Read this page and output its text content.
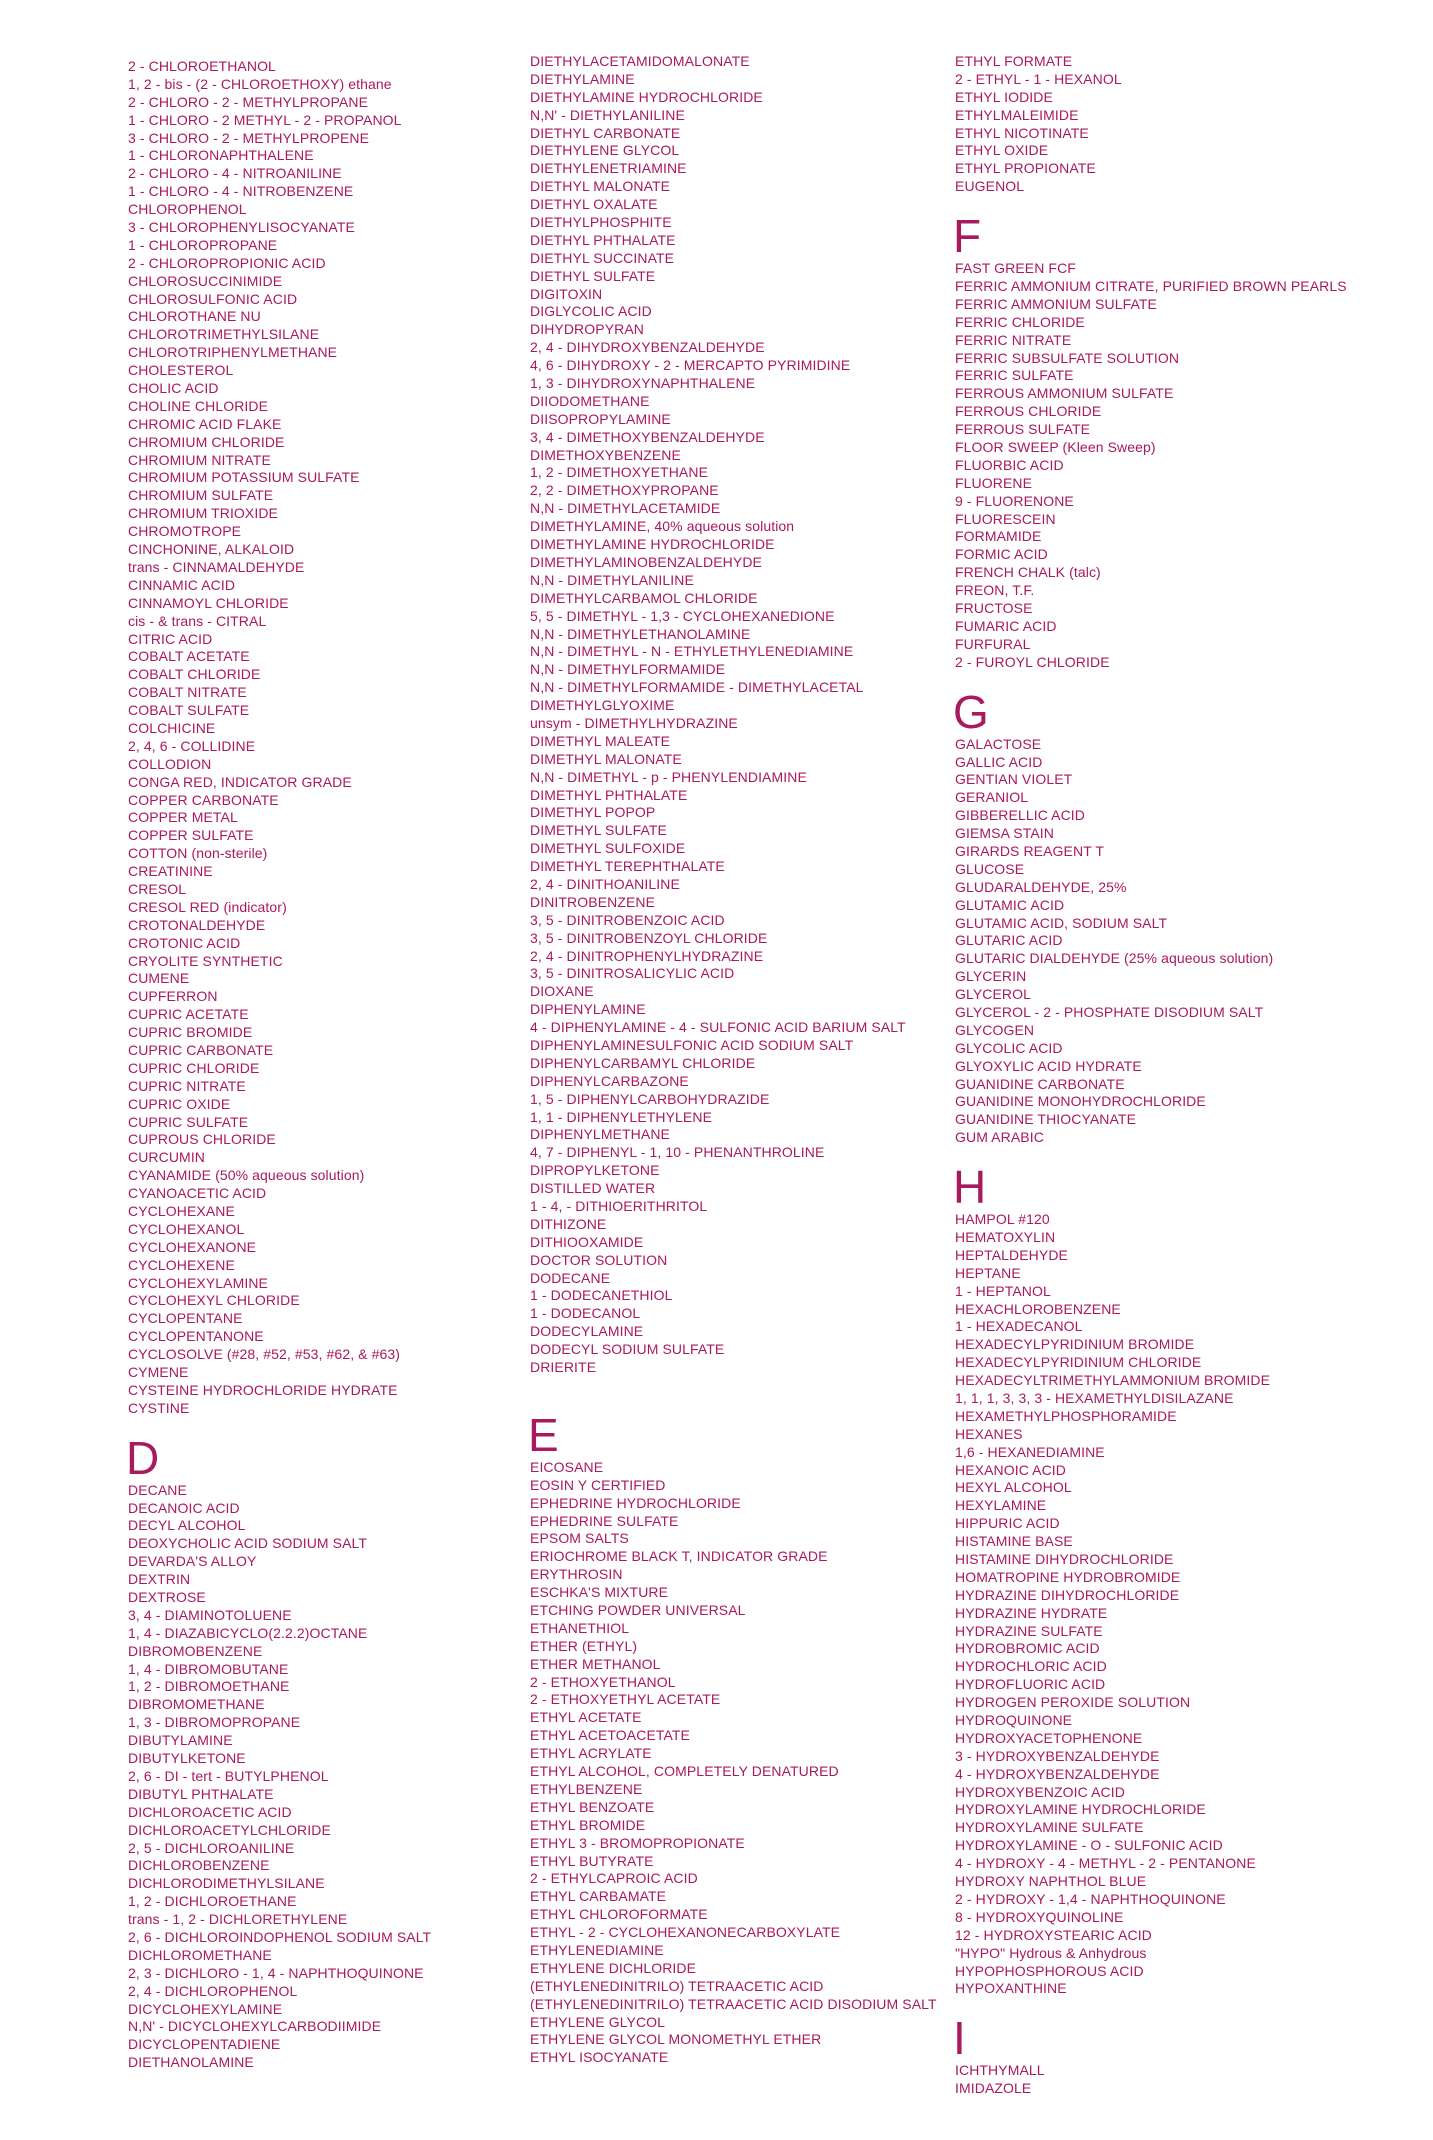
2 - CHLOROETHANOL
1, 2 - bis - (2 - CHLOROETHOXY) ethane
2 - CHLORO - 2 - METHYLPROPANE
1 - CHLORO - 2 METHYL - 2 - PROPANOL
3 - CHLORO - 2 - METHYLPROPENE
1 - CHLORONAPHTHALENE
2 - CHLORO - 4 - NITROANILINE
1 - CHLORO - 4 - NITROBENZENE
CHLOROPHENOL
3 - CHLOROPHENYLISOCYANATE
1 - CHLOROPROPANE
2 - CHLOROPROPIONIC ACID
CHLOROSUCCINIMIDE
CHLOROSULFONIC ACID
CHLOROTHANE NU
CHLOROTRIMETHYLSILANE
CHLOROTRIPHENYLMETHANE
CHOLESTEROL
CHOLIC ACID
CHOLINE CHLORIDE
CHROMIC ACID FLAKE
CHROMIUM CHLORIDE
CHROMIUM NITRATE
CHROMIUM POTASSIUM SULFATE
CHROMIUM SULFATE
CHROMIUM TRIOXIDE
CHROMOTROPE
CINCHONINE, ALKALOID
trans - CINNAMALDEHYDE
CINNAMIC ACID
CINNAMOYL CHLORIDE
cis - & trans - CITRAL
CITRIC ACID
COBALT ACETATE
COBALT CHLORIDE
COBALT NITRATE
COBALT SULFATE
COLCHICINE
2, 4, 6 - COLLIDINE
COLLODION
CONGA RED, INDICATOR GRADE
COPPER CARBONATE
COPPER METAL
COPPER SULFATE
COTTON (non-sterile)
CREATININE
CRESOL
CRESOL RED (indicator)
CROTONALDEHYDE
CROTONIC ACID
CRYOLITE SYNTHETIC
CUMENE
CUPFERRON
CUPRIC ACETATE
CUPRIC BROMIDE
CUPRIC CARBONATE
CUPRIC CHLORIDE
CUPRIC NITRATE
CUPRIC OXIDE
CUPRIC SULFATE
CUPROUS CHLORIDE
CURCUMIN
CYANAMIDE (50% aqueous solution)
CYANOACETIC ACID
CYCLOHEXANE
CYCLOHEXANOL
CYCLOHEXANONE
CYCLOHEXENE
CYCLOHEXYLAMINE
CYCLOHEXYL CHLORIDE
CYCLOPENTANE
CYCLOPENTANONE
CYCLOSOLVE (#28, #52, #53, #62, & #63)
CYMENE
CYSTEINE HYDROCHLORIDE HYDRATE
CYSTINE
D
DECANE
DECANOIC ACID
DECYL ALCOHOL
DEOXYCHOLIC ACID SODIUM SALT
DEVARDA'S ALLOY
DEXTRIN
DEXTROSE
3, 4 - DIAMINOTOLUENE
1, 4 - DIAZABICYCLO(2.2.2)OCTANE
DIBROMOBENZENE
1, 4 - DIBROMOBUTANE
1, 2 - DIBROMOETHANE
DIBROMOMETHANE
1, 3 - DIBROMOPROPANE
DIBUTYLAMINE
DIBUTYLKETONE
2, 6 - DI - tert - BUTYLPHENOL
DIBUTYL PHTHALATE
DICHLOROACETIC ACID
DICHLOROACETYLCHLORIDE
2, 5 - DICHLOROANILINE
DICHLOROBENZENE
DICHLORODIMETHYLSILANE
1, 2 - DICHLOROETHANE
trans - 1, 2 - DICHLORETHYLENE
2, 6 - DICHLOROINDOPHENOL SODIUM SALT
DICHLOROMETHANE
2, 3 - DICHLORO - 1, 4 - NAPHTHOQUINONE
2, 4 - DICHLOROPHENOL
DICYCLOHEXYLAMINE
N,N' - DICYCLOHEXYLCARBODIIMIDE
DICYCLOPENTADIENE
DIETHANOLAMINE
DIETHYLACETAMIDOMALONATE
DIETHYLAMINE
DIETHYLAMINE HYDROCHLORIDE
N,N' - DIETHYLANILINE
DIETHYL CARBONATE
DIETHYLENE GLYCOL
DIETHYLENETRIAMINE
DIETHYL MALONATE
DIETHYL OXALATE
DIETHYLPHOSPHITE
DIETHYL PHTHALATE
DIETHYL SUCCINATE
DIETHYL SULFATE
DIGITOXIN
DIGLYCOLIC ACID
DIHYDROPYRAN
2, 4 - DIHYDROXYBENZALDEHYDE
4, 6 - DIHYDROXY - 2 - MERCAPTO PYRIMIDINE
1, 3 - DIHYDROXYNAPHTHALENE
DIIODOMETHANE
DIISOPROPYLAMINE
3, 4 - DIMETHOXYBENZALDEHYDE
DIMETHOXYBENZENE
1, 2 - DIMETHOXYETHANE
2, 2 - DIMETHOXYPROPANE
N,N - DIMETHYLACETAMIDE
DIMETHYLAMINE, 40% aqueous solution
DIMETHYLAMINE HYDROCHLORIDE
DIMETHYLAMINOBENZALDEHYDE
N,N - DIMETHYLANILINE
DIMETHYLCARBAMOL CHLORIDE
5, 5 - DIMETHYL - 1,3 - CYCLOHEXANEDIONE
N,N - DIMETHYLETHANOLAMINE
N,N - DIMETHYL - N - ETHYLETHYLENEDIAMINE
N,N - DIMETHYLFORMAMIDE
N,N - DIMETHYLFORMAMIDE - DIMETHYLACETAL
DIMETHYLGLYOXIME
unsym - DIMETHYLHYDRAZINE
DIMETHYL MALEATE
DIMETHYL MALONATE
N,N - DIMETHYL - p - PHENYLENDIAMINE
DIMETHYL PHTHALATE
DIMETHYL POPOP
DIMETHYL SULFATE
DIMETHYL SULFOXIDE
DIMETHYL TEREPHTHALATE
2, 4 - DINITHOANILINE
DINITROBENZENE
3, 5 - DINITROBENZOIC ACID
3, 5 - DINITROBENZOYL CHLORIDE
2, 4 - DINITROPHENYLHYDRAZINE
3, 5 - DINITROSALICYLIC ACID
DIOXANE
DIPHENYLAMINE
4 - DIPHENYLAMINE - 4 - SULFONIC ACID BARIUM SALT
DIPHENYLAMINESULFONIC ACID SODIUM SALT
DIPHENYLCARBAMYL CHLORIDE
DIPHENYLCARBAZONE
1, 5 - DIPHENYLCARBOHYDRAZIDE
1, 1 - DIPHENYLETHYLENE
DIPHENYLMETHANE
4, 7 - DIPHENYL - 1, 10 - PHENANTHROLINE
DIPROPYLKETONE
DISTILLED WATER
1 - 4, - DITHIOERITHRITOL
DITHIZONE
DITHIOOXAMIDE
DOCTOR SOLUTION
DODECANE
1 - DODECANETHIOL
1 - DODECANOL
DODECYLAMINE
DODECYL SODIUM SULFATE
DRIERITE
E
EICOSANE
EOSIN Y CERTIFIED
EPHEDRINE HYDROCHLORIDE
EPHEDRINE SULFATE
EPSOM SALTS
ERIOCHROME BLACK T, INDICATOR GRADE
ERYTHROSIN
ESCHKA'S MIXTURE
ETCHING POWDER UNIVERSAL
ETHANETHIOL
ETHER (ETHYL)
ETHER METHANOL
2 - ETHOXYETHANOL
2 - ETHOXYETHYL ACETATE
ETHYL ACETATE
ETHYL ACETOACETATE
ETHYL ACRYLATE
ETHYL ALCOHOL, COMPLETELY DENATURED
ETHYLBENZENE
ETHYL BENZOATE
ETHYL BROMIDE
ETHYL 3 - BROMOPROPIONATE
ETHYL BUTYRATE
2 - ETHYLCAPROIC ACID
ETHYL CARBAMATE
ETHYL CHLOROFORMATE
ETHYL - 2 - CYCLOHEXANONECARBOXYLATE
ETHYLENEDIAMINE
ETHYLENE DICHLORIDE
(ETHYLENEDINITRILO) TETRAACETIC ACID
(ETHYLENEDINITRILO) TETRAACETIC ACID DISODIUM SALT
ETHYLENE GLYCOL
ETHYLENE GLYCOL MONOMETHYL ETHER
ETHYL ISOCYANATE
ETHYL FORMATE
2 - ETHYL - 1 - HEXANOL
ETHYL IODIDE
ETHYLMALEIMIDE
ETHYL NICOTINATE
ETHYL OXIDE
ETHYL PROPIONATE
EUGENOL
F
FAST GREEN FCF
FERRIC AMMONIUM CITRATE, PURIFIED BROWN PEARLS
FERRIC AMMONIUM SULFATE
FERRIC CHLORIDE
FERRIC NITRATE
FERRIC SUBSULFATE SOLUTION
FERRIC SULFATE
FERROUS AMMONIUM SULFATE
FERROUS CHLORIDE
FERROUS SULFATE
FLOOR SWEEP (Kleen Sweep)
FLUORBIC ACID
FLUORENE
9 - FLUORENONE
FLUORESCEIN
FORMAMIDE
FORMIC ACID
FRENCH CHALK (talc)
FREON, T.F.
FRUCTOSE
FUMARIC ACID
FURFURAL
2 - FUROYL CHLORIDE
G
GALACTOSE
GALLIC ACID
GENTIAN VIOLET
GERANIOL
GIBBERELLIC ACID
GIEMSA STAIN
GIRARDS REAGENT T
GLUCOSE
GLUDARALDEHYDE, 25%
GLUTAMIC ACID
GLUTAMIC ACID, SODIUM SALT
GLUTARIC ACID
GLUTARIC DIALDEHYDE (25% aqueous solution)
GLYCERIN
GLYCEROL
GLYCEROL - 2 - PHOSPHATE DISODIUM SALT
GLYCOGEN
GLYCOLIC ACID
GLYOXYLIC ACID HYDRATE
GUANIDINE CARBONATE
GUANIDINE MONOHYDROCHLORIDE
GUANIDINE THIOCYANATE
GUM ARABIC
H
HAMPOL #120
HEMATOXYLIN
HEPTALDEHYDE
HEPTANE
1 - HEPTANOL
HEXACHLOROBENZENE
1 - HEXADECANOL
HEXADECYLPYRIDINIUM BROMIDE
HEXADECYLPYRIDINIUM CHLORIDE
HEXADECYLTRIMETHYLAMMONIUM BROMIDE
1, 1, 1, 3, 3, 3 - HEXAMETHYLDISILAZANE
HEXAMETHYLPHOSPHORAMIDE
HEXANES
1,6 - HEXANEDIAMINE
HEXANOIC ACID
HEXYL ALCOHOL
HEXYLAMINE
HIPPURIC ACID
HISTAMINE BASE
HISTAMINE DIHYDROCHLORIDE
HOMATROPINE HYDROBROMIDE
HYDRAZINE DIHYDROCHLORIDE
HYDRAZINE HYDRATE
HYDRAZINE SULFATE
HYDROBROMIC ACID
HYDROCHLORIC ACID
HYDROFLUORIC ACID
HYDROGEN PEROXIDE SOLUTION
HYDROQUINONE
HYDROXYACETOPHENONE
3 - HYDROXYBENZALDEHYDE
4 - HYDROXYBENZALDEHYDE
HYDROXYBENZOIC ACID
HYDROXYLAMINE HYDROCHLORIDE
HYDROXYLAMINE SULFATE
HYDROXYLAMINE - O - SULFONIC ACID
4 - HYDROXY - 4 - METHYL - 2 - PENTANONE
HYDROXY NAPHTHOL BLUE
2 - HYDROXY - 1,4 - NAPHTHOQUINONE
8 - HYDROXYQUINOLINE
12 - HYDROXYSTEARIC ACID
"HYPO" Hydrous & Anhydrous
HYPOPHOSPHOROUS ACID
HYPOXANTHINE
I
ICHTHYMALL
IMIDAZOLE
